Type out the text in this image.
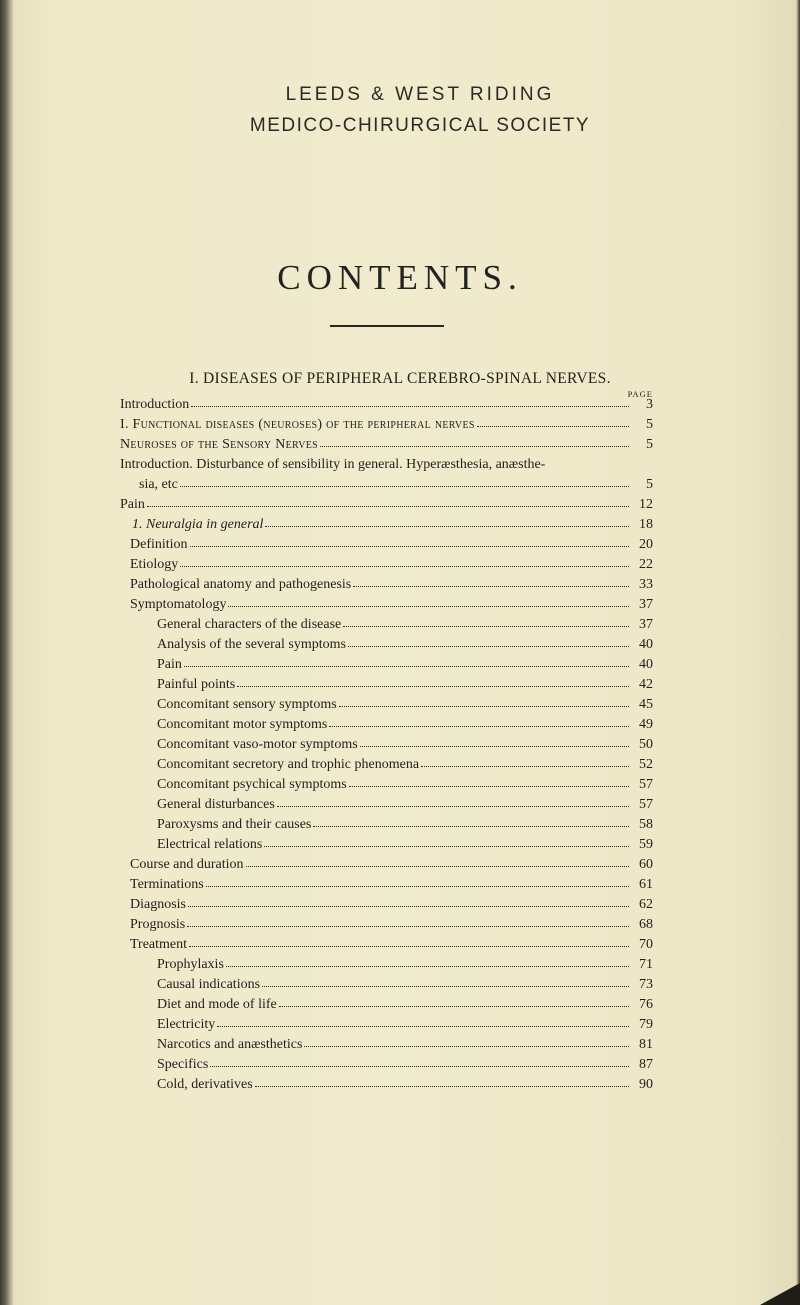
LEEDS & WEST RIDING
MEDICO-CHIRURGICAL SOCIETY
CONTENTS.
I. DISEASES OF PERIPHERAL CEREBRO-SPINAL NERVES.
PAGE
Introduction	3
I. Functional diseases (neuroses) of the peripheral nerves	5
Neuroses of the Sensory Nerves	5
Introduction. Disturbance of sensibility in general. Hyperæsthesia, anæsthe-
sia, etc	5
Pain	12
1. Neuralgia in general	18
Definition	20
Etiology	22
Pathological anatomy and pathogenesis	33
Symptomatology	37
General characters of the disease	37
Analysis of the several symptoms	40
Pain	40
Painful points	42
Concomitant sensory symptoms	45
Concomitant motor symptoms	49
Concomitant vaso-motor symptoms	50
Concomitant secretory and trophic phenomena	52
Concomitant psychical symptoms	57
General disturbances	57
Paroxysms and their causes	58
Electrical relations	59
Course and duration	60
Terminations	61
Diagnosis	62
Prognosis	68
Treatment	70
Prophylaxis	71
Causal indications	73
Diet and mode of life	76
Electricity	79
Narcotics and anæsthetics	81
Specifics	87
Cold, derivatives	90
